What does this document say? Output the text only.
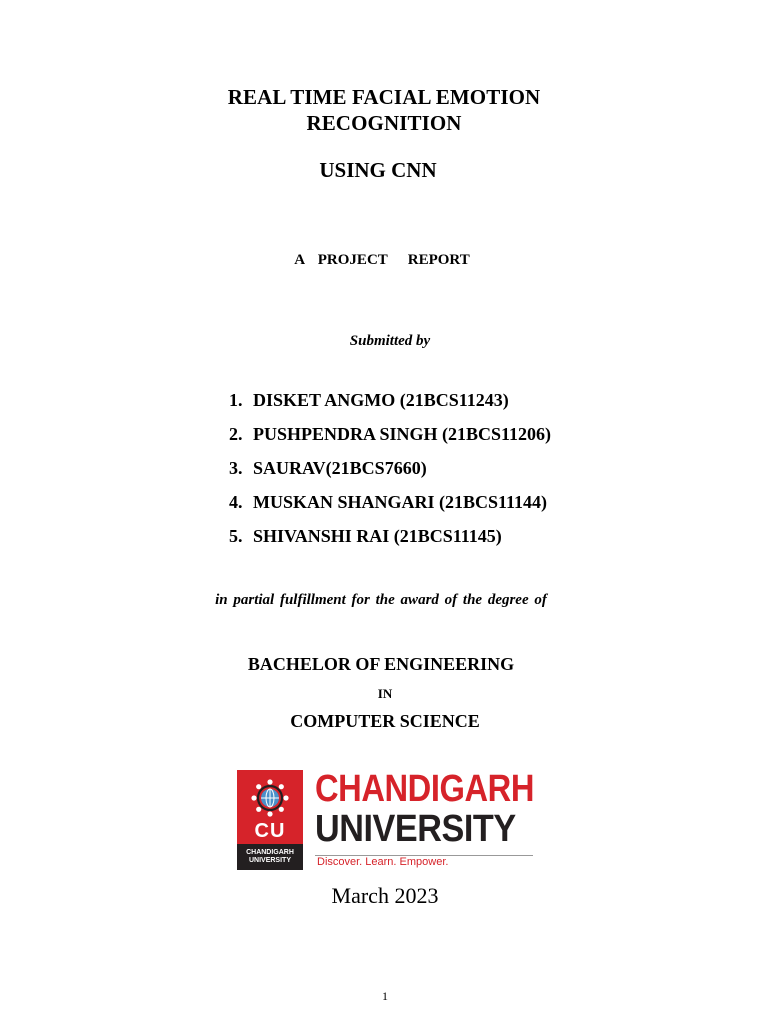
REAL TIME FACIAL EMOTION
RECOGNITION
USING CNN
A  PROJECT   REPORT
Submitted by
1. DISKET ANGMO (21BCS11243)
2. PUSHPENDRA SINGH (21BCS11206)
3. SAURAV(21BCS7660)
4. MUSKAN SHANGARI (21BCS11144)
5. SHIVANSHI RAI (21BCS11145)
in partial fulfillment for the award of the degree of
BACHELOR OF ENGINEERING
IN
COMPUTER SCIENCE
CU
CHANDIGARH
UNIVERSITY
CHANDIGARH
UNIVERSITY
Discover. Learn. Empower.
March 2023
1
